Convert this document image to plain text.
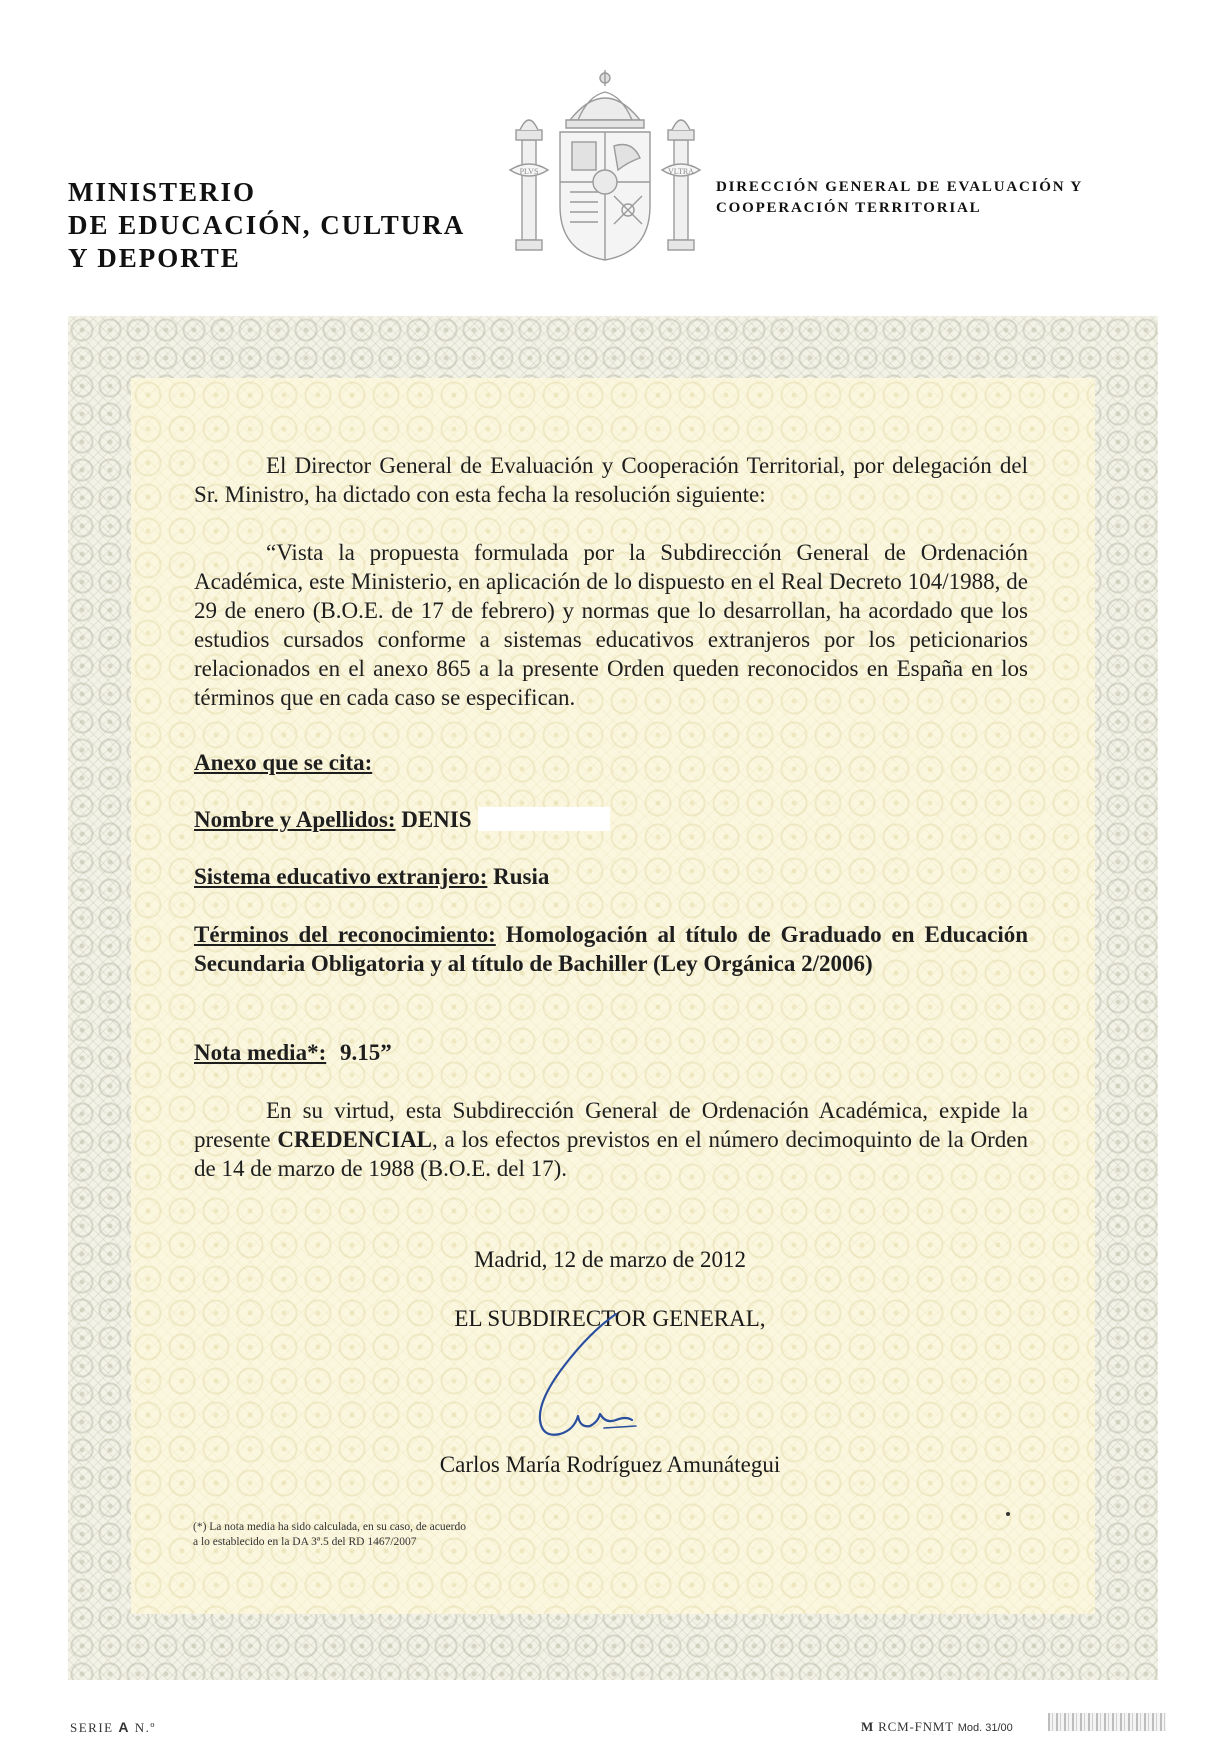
MINISTERIO
DE EDUCACIÓN, CULTURA
Y DEPORTE
PLVS	VLTRA
DIRECCIÓN GENERAL DE EVALUACIÓN Y
COOPERACIÓN TERRITORIAL

El Director General de Evaluación y Cooperación Territorial, por delegación del Sr. Ministro, ha dictado con esta fecha la resolución siguiente:

“Vista la propuesta formulada por la Subdirección General de Ordenación Académica, este Ministerio, en aplicación de lo dispuesto en el Real Decreto 104/1988, de 29 de enero (B.O.E. de 17 de febrero) y normas que lo desarrollan, ha acordado que los estudios cursados conforme a sistemas educativos extranjeros por los peticionarios relacionados en el anexo 865 a la presente Orden queden reconocidos en España en los términos que en cada caso se especifican.

Anexo que se cita:
Nombre y Apellidos: DENIS
Sistema educativo extranjero: Rusia
Términos del reconocimiento: Homologación al título de Graduado en Educación Secundaria Obligatoria y al título de Bachiller (Ley Orgánica 2/2006)
Nota media*: 9.15”

En su virtud, esta Subdirección General de Ordenación Académica, expide la presente CREDENCIAL, a los efectos previstos en el número decimoquinto de la Orden de 14 de marzo de 1988 (B.O.E. del 17).

Madrid, 12 de marzo de 2012
EL SUBDIRECTOR GENERAL,
Carlos María Rodríguez Amunátegui
(*) La nota media ha sido calculada, en su caso, de acuerdo
a lo establecido en la DA 3ª.5 del RD 1467/2007
SERIE A N.º	M RCM-FNMT Mod. 31/00
